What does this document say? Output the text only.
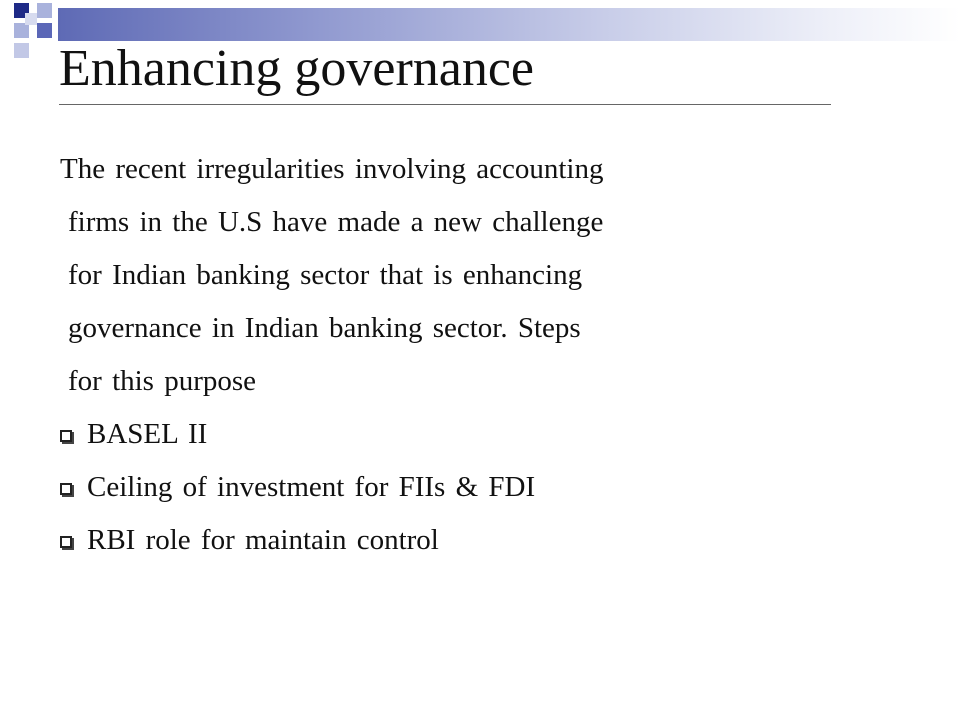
Enhancing governance

The recent irregularities involving accounting
firms in the U.S have made a new challenge
for Indian banking sector that is enhancing
governance in Indian banking sector. Steps
for this purpose

BASEL II
Ceiling of investment for FIIs & FDI
RBI role for maintain control
